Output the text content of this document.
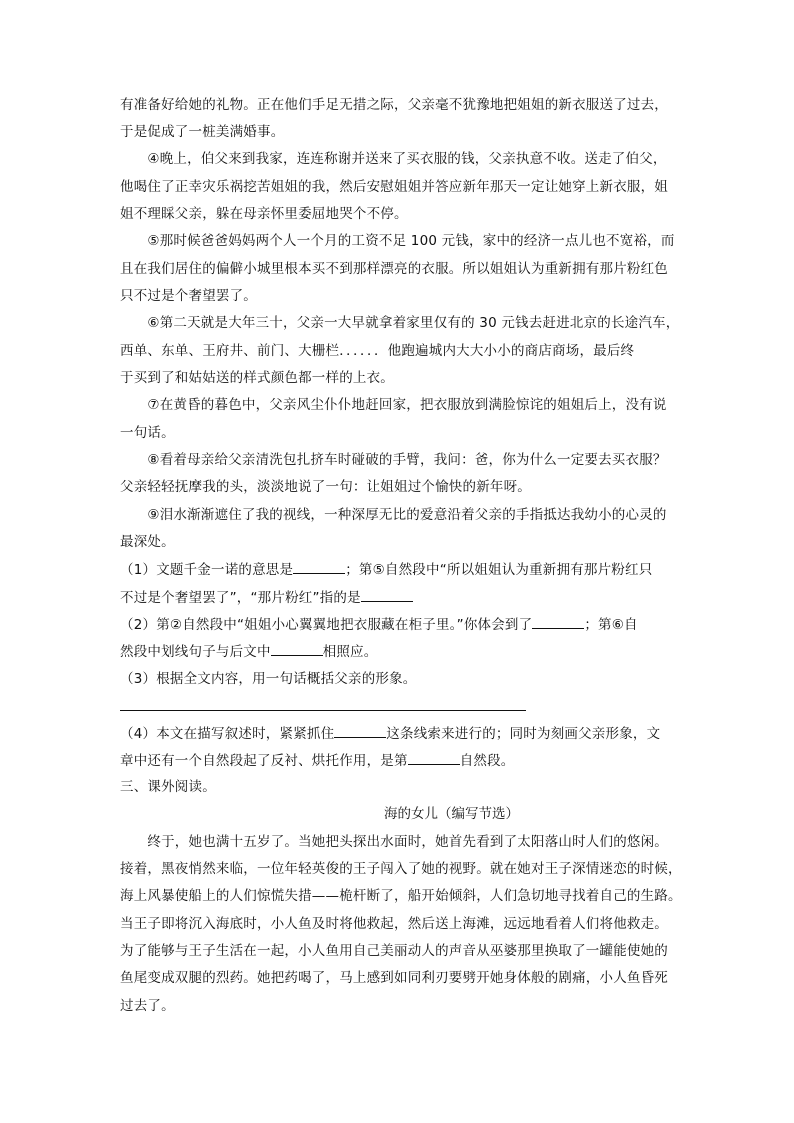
有准备好给她的礼物。正在他们手足无措之际，父亲毫不犹豫地把姐姐的新衣服送了过去，
于是促成了一桩美满婚事。
　　④晚上，伯父来到我家，连连称谢并送来了买衣服的钱，父亲执意不收。送走了伯父，
他喝住了正幸灾乐祸挖苦姐姐的我，然后安慰姐姐并答应新年那天一定让她穿上新衣服，姐
姐不理睬父亲，躲在母亲怀里委屈地哭个不停。
　　⑤那时候爸爸妈妈两个人一个月的工资不足 100 元钱，家中的经济一点儿也不宽裕，而
且在我们居住的偏僻小城里根本买不到那样漂亮的衣服。所以姐姐认为重新拥有那片粉红色
只不过是个奢望罢了。
　　⑥第二天就是大年三十，父亲一大早就拿着家里仅有的 30 元钱去赶进北京的长途汽车，
西单、东单、王府井、前门、大栅栏．．．．．．他跑遍城内大大小小的商店商场，最后终
于买到了和姑姑送的样式颜色都一样的上衣。
　　⑦在黄昏的暮色中，父亲风尘仆仆地赶回家，把衣服放到满脸惊诧的姐姐后上，没有说
一句话。
　　⑧看着母亲给父亲清洗包扎挤车时碰破的手臂，我问：爸，你为什么一定要去买衣服？
父亲轻轻抚摩我的头，淡淡地说了一句：让姐姐过个愉快的新年呀。
　　⑨泪水渐渐遮住了我的视线，一种深厚无比的爱意沿着父亲的手指抵达我幼小的心灵的
最深处。
（1）文题千金一诺的意思是	；第⑤自然段中“所以姐姐认为重新拥有那片粉红只
不过是个奢望罢了”，“那片粉红”指的是
（2）第②自然段中“姐姐小心翼翼地把衣服藏在柜子里。”你体会到了	；第⑥自
然段中划线句子与后文中	相照应。
（3）根据全文内容，用一句话概括父亲的形象。
（4）本文在描写叙述时，紧紧抓住	这条线索来进行的；同时为刻画父亲形象，文
章中还有一个自然段起了反衬、烘托作用，是第	自然段。
三、课外阅读。
海的女儿（编写节选）
　　终于，她也满十五岁了。当她把头探出水面时，她首先看到了太阳落山时人们的悠闲。
接着，黑夜悄然来临，一位年轻英俊的王子闯入了她的视野。就在她对王子深情迷恋的时候，
海上风暴使船上的人们惊慌失措——桅杆断了，船开始倾斜，人们急切地寻找着自己的生路。
当王子即将沉入海底时，小人鱼及时将他救起，然后送上海滩，远远地看着人们将他救走。
为了能够与王子生活在一起，小人鱼用自己美丽动人的声音从巫婆那里换取了一罐能使她的
鱼尾变成双腿的烈药。她把药喝了，马上感到如同利刃要劈开她身体般的剧痛，小人鱼昏死
过去了。
